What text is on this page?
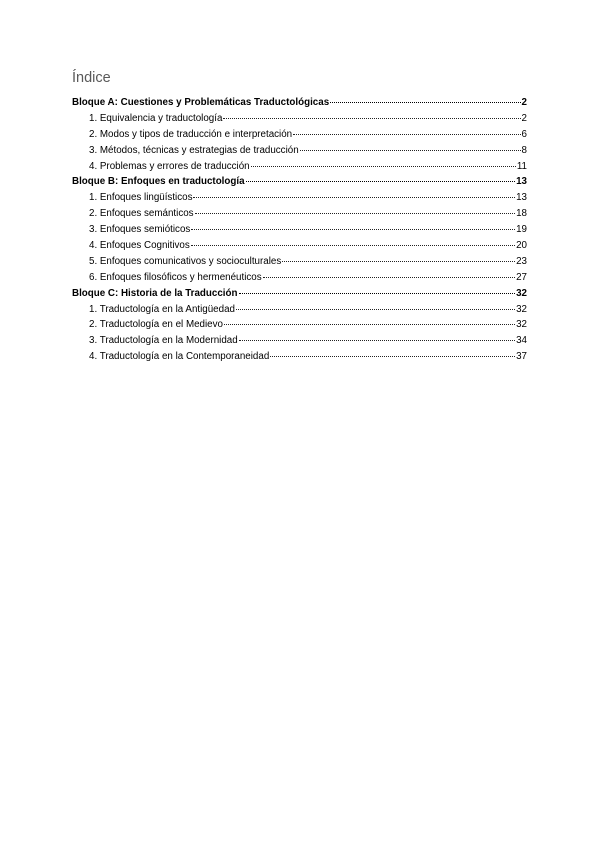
Índice
Bloque A: Cuestiones y Problemáticas Traductológicas	2
1. Equivalencia y traductología	2
2. Modos y tipos de traducción e interpretación	6
3. Métodos, técnicas y estrategias de traducción	8
4. Problemas y errores de traducción	11
Bloque B: Enfoques en traductología	13
1. Enfoques lingüísticos	13
2. Enfoques semánticos	18
3. Enfoques semióticos	19
4. Enfoques Cognitivos	20
5. Enfoques comunicativos y socioculturales	23
6. Enfoques filosóficos y hermenéuticos	27
Bloque C: Historia de la Traducción	32
1. Traductología en la Antigüedad	32
2. Traductología en el Medievo	32
3. Traductología en la Modernidad	34
4. Traductología en la Contemporaneidad	37
